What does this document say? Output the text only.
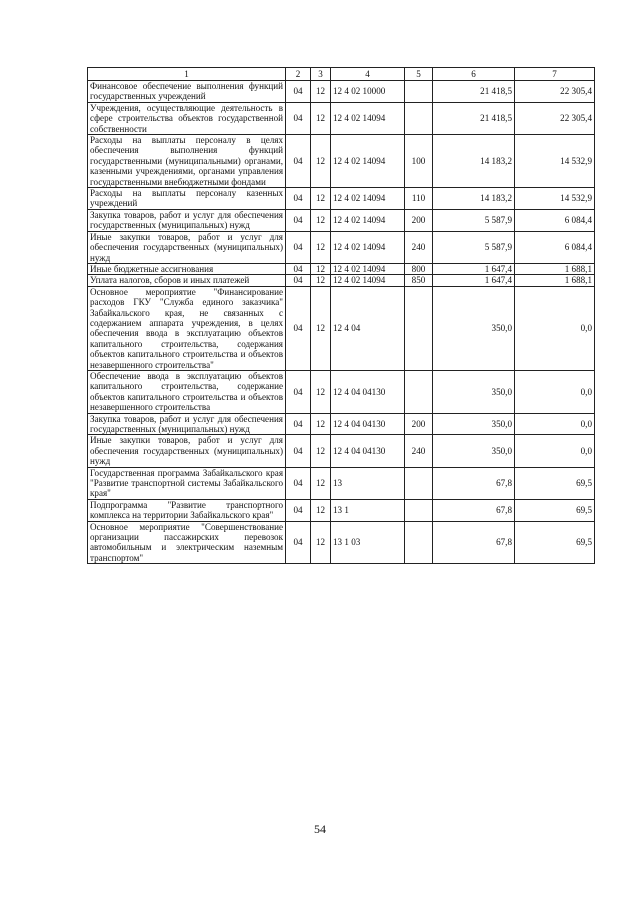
1	2	3	4	5	6	7
Финансовое обеспечение выполнения функций государственных учреждений	04	12	12 4 02 10000		21 418,5	22 305,4
Учреждения, осуществляющие деятельность в сфере строительства объектов государственной собственности	04	12	12 4 02 14094		21 418,5	22 305,4
Расходы на выплаты персоналу в целях обеспечения выполнения функций государственными (муниципальными) органами, казенными учреждениями, органами управления государственными внебюджетными фондами	04	12	12 4 02 14094	100	14 183,2	14 532,9
Расходы на выплаты персоналу казенных учреждений	04	12	12 4 02 14094	110	14 183,2	14 532,9
Закупка товаров, работ и услуг для обеспечения государственных (муниципальных) нужд	04	12	12 4 02 14094	200	5 587,9	6 084,4
Иные закупки товаров, работ и услуг для обеспечения государственных (муниципальных) нужд	04	12	12 4 02 14094	240	5 587,9	6 084,4
Иные бюджетные ассигнования	04	12	12 4 02 14094	800	1 647,4	1 688,1
Уплата налогов, сборов и иных платежей	04	12	12 4 02 14094	850	1 647,4	1 688,1
Основное мероприятие "Финансирование расходов ГКУ "Служба единого заказчика" Забайкальского края, не связанных с содержанием аппарата учреждения, в целях обеспечения ввода в эксплуатацию объектов капитального строительства, содержания объектов капитального строительства и объектов незавершенного строительства"	04	12	12 4 04		350,0	0,0
Обеспечение ввода в эксплуатацию объектов капитального строительства, содержание объектов капитального строительства и объектов незавершенного строительства	04	12	12 4 04 04130		350,0	0,0
Закупка товаров, работ и услуг для обеспечения государственных (муниципальных) нужд	04	12	12 4 04 04130	200	350,0	0,0
Иные закупки товаров, работ и услуг для обеспечения государственных (муниципальных) нужд	04	12	12 4 04 04130	240	350,0	0,0
Государственная программа Забайкальского края "Развитие транспортной системы Забайкальского края"	04	12	13		67,8	69,5
Подпрограмма "Развитие транспортного комплекса на территории Забайкальского края"	04	12	13 1		67,8	69,5
Основное мероприятие "Совершенствование организации пассажирских перевозок автомобильным и электрическим наземным транспортом"	04	12	13 1 03		67,8	69,5
54
